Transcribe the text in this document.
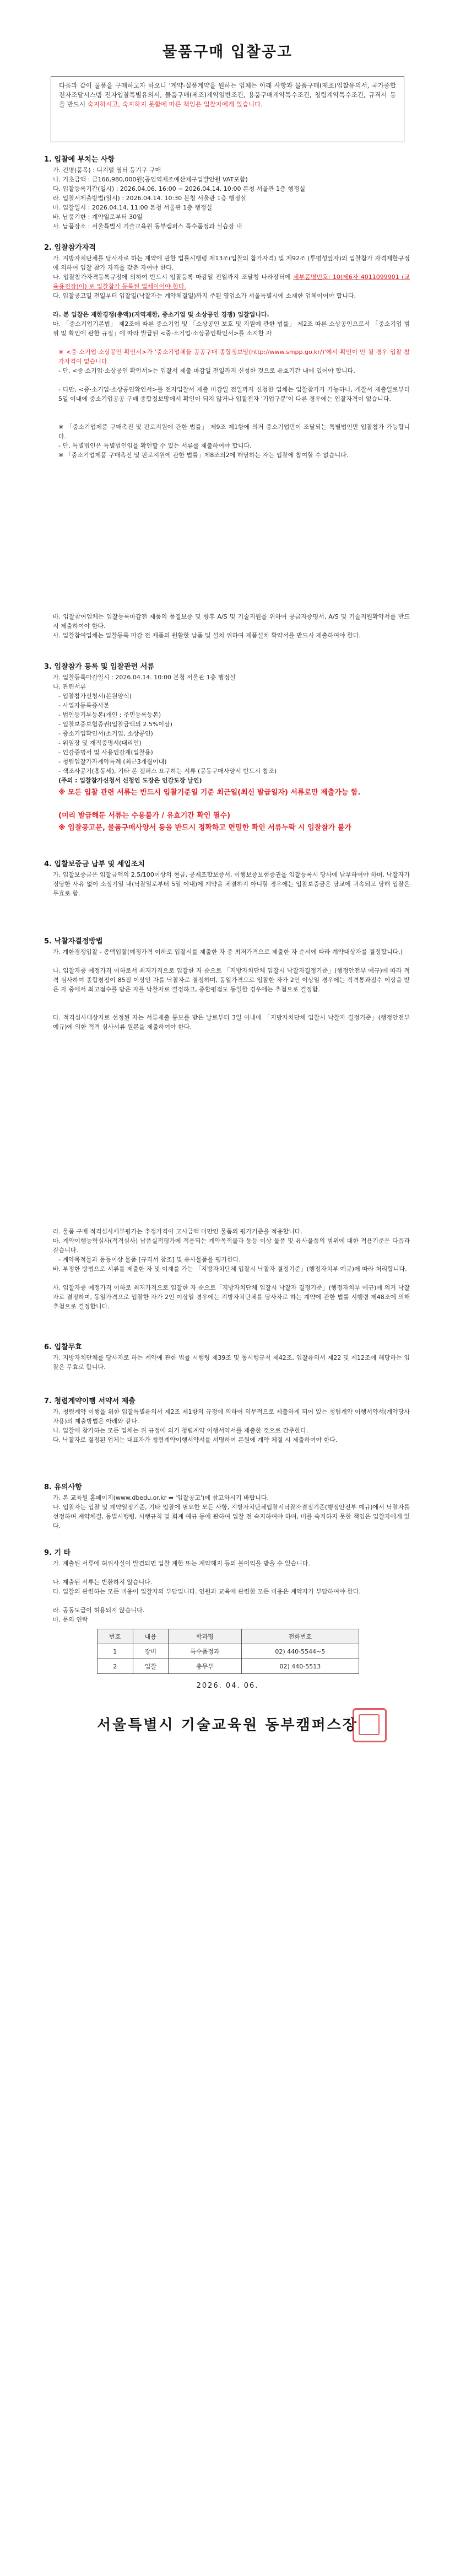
물품구매 입찰공고
다음과 같이 물품을 구매하고자 하오니 ‘계약-실품계약을 원하는 업체는 아래 사항과 물품구매(제조)입찰유의서, 국가종합전자조달시스템 전자입찰특별유의서, 물품구매(제조)계약일반조건, 용품구매계약특수조건, 청렴계약특수조건, 규격서 등을 반드시 숙지하시고, 숙지하지 못함에 따른 책임은 입찰자에게 있습니다.
1. 입찰에 부치는 사항
가. 건명(품목) : 디지털 영터 등기구 구매
나. 기초금액 : 금166,980,000원(공임역제조예산제구입발안원 VAT포함)
다. 입찰등록기간(일시) : 2026.04.06. 16:00 ~ 2026.04.14. 10:00 본청 서울관 1층 행정실
라. 입찰서제출방법(일시) : 2026.04.14. 10:30 본청 서울관 1층 행정실
마. 입찰일시 : 2026.04.14. 11:00 본청 서울관 1층 행정실
바. 납품기한 : 계약일로부터 30일
사. 납품장소 : 서울특별시 기술교육원 동부캠퍼스 특수품정과 실습장 내
2. 입찰참가자격
가. 지방자치단체를 당사자로 하는 계약에 관한 법률시행령 제13조(입찰의 참가자격) 및 제92조 (투명성앞자)의 입찰참가 자격제한규정에 의하여 입찰 참가 자격을 갖춘 자여야 한다.
나. 입찰참가자격등록규정에 의하여 반드시 입찰등록 마감일 전일까지 조달청 나라장터에 세부품명번호: 10(제6자 4011099901 (교육용전장)이) 로 입찰참가 등록된 업체이어야 한다.
다. 입찰공고일 전일부터 입찰일(낙찰자는 계약체결일)까지 주된 영업소가 서울특별시에 소재한 업체이어야 합니다.
라. 본 입찰은 제한경쟁(총액)(지역제한, 중소기업 및 소상공인 경쟁) 입찰입니다.
마. 「중소기업기본법」 제2조에 따른 중소기업 및 「소상공인 보호 및 지원에 관한 법률」 제2조 따른 소상공인으로서 「중소기업 범위 및 확인에 관한 규정」에 따라 발급된 <중·소기업·소상공인확인서>를 소지한 자
※ <중·소기업·소상공인 확인서>가 '중소기업체들 공공구매 종합정보망(http://www.smpp.go.kr/)'에서 확인이 안 될 경우 입찰 참가자격이 없습니다.
- 단, <중·소기업·소상공인 확인서>는 입찰서 제출 마감일 전일까지 신청한 것으로 유효기간 내에 있어야 합니다.
- 다만, <중·소기업·소상공인확인서>를 전자입찰서 제출 마감일 전일까지 신청한 업체는 입찰참가가 가능하나, 개찰서 제출일로부터 5일 이내에 중소기업공공 구매 종합정보망에서 확인이 되지 않거나 입찰전자 '기업구분'이 다른 경우에는 입찰자격이 없습니다.
※ 「중소기업제품 구매촉진 및 판로지원에 관한 법률」 제9조 제1항에 의거 중소기업만이 조달되는 특별법인만 입찰참가 가능합니다.
- 단, 특별법인은 특별법인임을 확인할 수 있는 서류를 제출하여야 합니다.
※ 「중소기업제품 구매촉진 및 판로지원에 관한 법률」제8조의2에 해당하는 자는 입찰에 참여할 수 없습니다.
바. 입찰참여업체는 입찰등록마감전 제품의 품질보증 및 향후 A/S 및 기술지원을 위하여 공급자증명서, A/S 및 기술지원확약서를 반드시 제출하여야 한다.
사. 입찰참여업체는 입찰등록 마감 전 제품의 원활한 납품 및 설치 위하여 제품설치 확약서를 반드시 제출하여야 한다.
3. 입찰참가 등록 및 입찰관련 서류
가. 입찰등록마감일시 : 2026.04.14. 10:00 본청 서울관 1층 행정실
나. 관련서류
- 입찰참가신청서(본원양식)
- 사업자등록증사본
- 법인등기부등본(개인 : 주민등록등본)
- 입찰보증보험증권(입찰금액의 2.5%이상)
- 중소기업확인서(소기업, 소상공인)
- 위임장 및 재직증명서(대리인)
- 인감증명서 및 사용인감계(입찰용)
- 청렴입찰가자계약특례 (최근3개월이내)
- 색조사공기(흥동세), 기타 본 캠퍼스 요구하는 서류 (공동구매사양서 반드시 참조)
(주의 : 입찰참가신청서 신청인 도장은 인감도장 날인)
※ 모든 입찰 관련 서류는 반드시 입찰기준일 기준 최근일(최신 발급일자) 서류로만 제출가능 함.
(미리 발급해둔 서류는 수용불가 / 유효기간 확인 필수)
※ 입찰공고문, 물품구매사양서 등을 반드시 정확하고 면밀한 확인 서류누락 시 입찰참가 불가
4. 입찰보증금 납부 및 세입조치
가. 입찰보증금은 입찰금액의 2.5/100이상의 현금, 공제조합보증서, 이행보증보험증권을 입찰등록시 당사에 납부하여야 하며, 낙찰자가 정당한 사유 없이 소정기일 내(낙찰일로부터 5일 이내)에 계약을 체결하지 아니할 경우에는 입찰보증금은 당교에 귀속되고 당해 입찰은 무효로 함.
5. 낙찰자결정방법
가. 계한경쟁입찰 - 총액입찰(예정가격 이하로 입찰서를 제출한 자 중 최저가격으로 제출한 자 순서에 따라 계약대상자를 결정합니다.)
나. 입찰자중 예정가격 이하로서 최저가격으로 입찰한 자 순으로 「지방자치단체 입찰시 낙찰자결정기준」(행정안전부 예규)에 따라 적격 심사하여 종합평점이 85점 이상인 자를 낙찰자로 결정하며, 동일가격으로 입찰한 자가 2인 이상일 경우에는 적격통과점수 이상을 받은 자 중에서 최고점수를 받은 자를 낙찰자로 결정하고, 종합평점도 동일한 경우에는 추첨으로 결정함.
다. 적격심사대상자로 선정된 자는 서류제출 통보를 받은 날로부터 3일 이내에 「지방자치단체 입찰시 낙찰자 결정기준」(행정안전부 예규)에 의한 적격 심사서류 원본을 제출하여야 한다.
라. 물품 구매 적격심사세부평가는 추정가격이 고시금액 미만인 물품의 평가기준을 적용합니다.
마. 계약이행능력심사(적격심사) 납품실적평가에 적용되는 계약목적물과 동등 이상 물품 및 유사물품의 범위에 대한 적용기준은 다음과 같습니다.
- 계약목적물과 동등이상 물품 [규격서 참조] 및 유사물품을 평가한다.
바. 부정한 방법으로 서류를 제출한 자 및 이재를 가는 「지방자치단체 입찰시 낙찰자 결정기준」(행정자치부 예규)에 따라 처리합니다.
사. 입찰자중 예정가격 이하로 최저가격으로 입찰한 자 순으로「지방자치단체 입찰시 낙찰자 결정기준」(행정자치부 예규)에 의거 낙찰자로 결정하며, 동일가격으로 입찰한 자가 2인 이상일 경우에는 지방자치단체를 당사자로 하는 계약에 관한 법률 시행령 제48조에 의해 추첨으로 결정합니다.
6. 입찰무효
가. 지방자치단체를 당사자로 하는 계약에 관한 법률 시행령 제39조 및 동시행규칙 제42조, 입찰유의서 제22 및 제12조에 해당하는 입찰은 무효로 합니다.
7. 청렴계약이행 서약서 제출
가. 청렴계약 이행을 위한 입찰특별유의서 제2조 제1항의 규정에 의하여 의무적으로 제출하게 되어 있는 청렴계약 이행서약서(계약당사자용)의 제출방법은 아래와 같다.
나. 입찰에 참가하는 모든 업체는 위 규정에 의거 청렴계약 이행서약서를 제출한 것으로 간주한다.
다. 낙찰자로 결정된 업체는 대표자가 청렴계약이행서약서를 서명하여 본원에 계약 체결 시 제출하여야 한다.
8. 유의사항
가. 본 교육원 홈페이지(www.dbedu.or.kr ➡ '입찰공고')에 참고하시기 바랍니다.
나. 입찰자는 입찰 및 계약일정기준, 기타 입찰에 필요한 모든 사항, 지방자치단체입찰시낙찰자결정기준(행정안전부 예규)에서 낙찰자를 선정하며 계약체결, 동법시행령, 시행규칙 및 회계 예규 등에 관하여 입찰 전 숙지하여야 하며, 미를 숙지하지 못한 책임은 입찰자에게 있다.
9. 기 타
가. 계출된 서류에 허위사실이 발견되면 입찰 계한 또는 계약해지 등의 불이익을 받을 수 있습니다.
나. 제출된 서류는 반환하지 않습니다.
다. 입찰의 관련하는 모든 비용이 입찰자의 부담입니다. 인원과 교육에 관련한 모든 비용은 계약자가 부담하여야 한다.
라. 공동도급이 허용되지 않습니다.
마. 문의 연락
번호	내용	학과명	전화번호
1	장비	특수품정과	02) 440-5544~5
2	입찰	총무부	02) 440-5513
2026. 04. 06.
서울특별시 기술교육원 동부캠퍼스장
